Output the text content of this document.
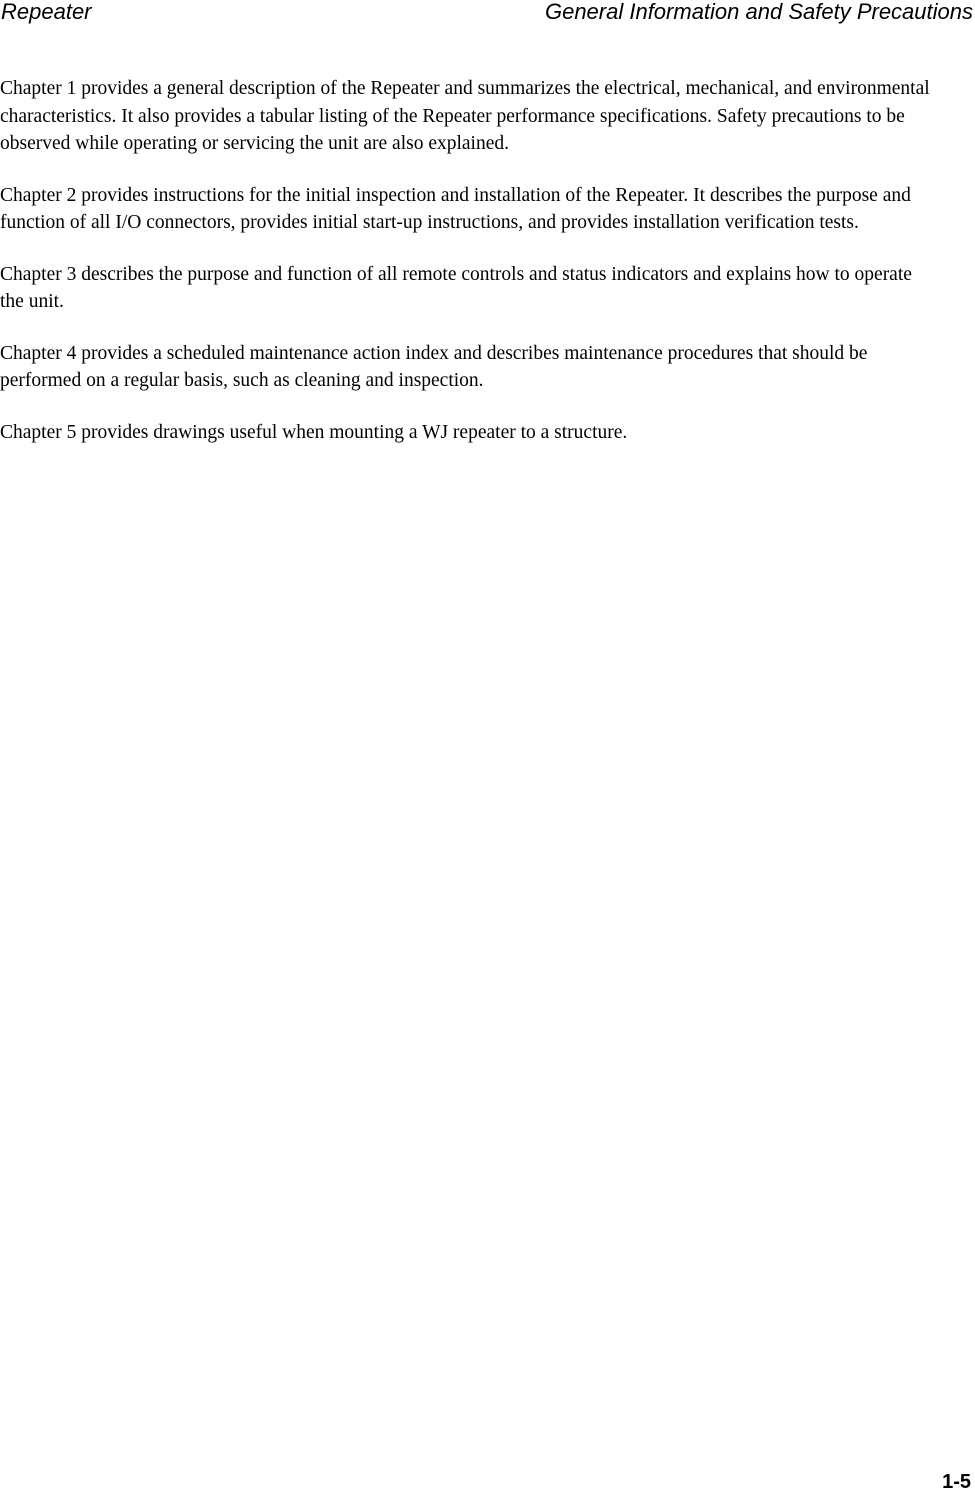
Repeater	General Information and Safety Precautions

Chapter 1 provides a general description of the Repeater and summarizes the electrical, mechanical, and environmental characteristics. It also provides a tabular listing of the Repeater performance specifications. Safety precautions to be observed while operating or servicing the unit are also explained.

Chapter 2 provides instructions for the initial inspection and installation of the Repeater. It describes the purpose and function of all I/O connectors, provides initial start-up instructions, and provides installation verification tests.

Chapter 3 describes the purpose and function of all remote controls and status indicators and explains how to operate the unit.

Chapter 4 provides a scheduled maintenance action index and describes maintenance procedures that should be performed on a regular basis, such as cleaning and inspection.

Chapter 5 provides drawings useful when mounting a WJ repeater to a structure.

1-5
